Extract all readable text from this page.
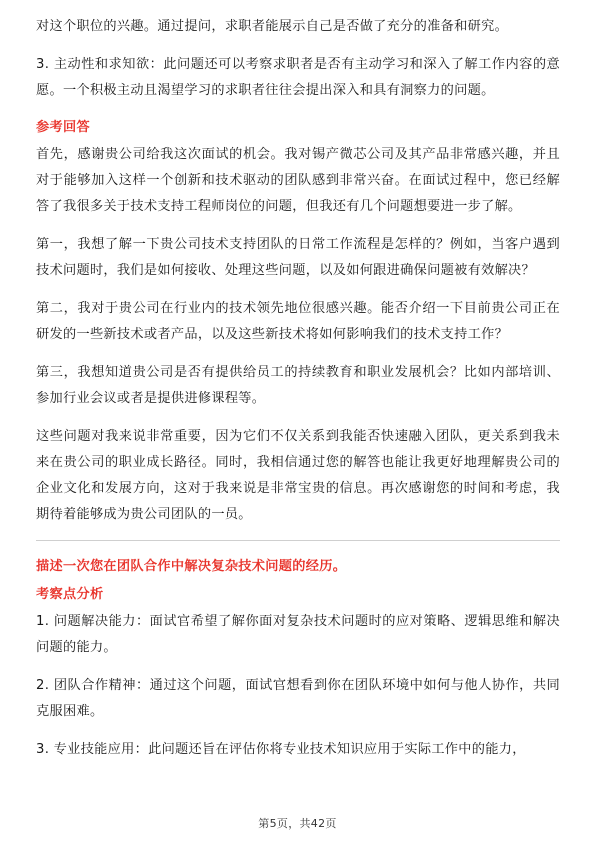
对这个职位的兴趣。通过提问，求职者能展示自己是否做了充分的准备和研究。

3. 主动性和求知欲：此问题还可以考察求职者是否有主动学习和深入了解工作内容的意愿。一个积极主动且渴望学习的求职者往往会提出深入和具有洞察力的问题。

参考回答

首先，感谢贵公司给我这次面试的机会。我对锡产微芯公司及其产品非常感兴趣，并且对于能够加入这样一个创新和技术驱动的团队感到非常兴奋。在面试过程中，您已经解答了我很多关于技术支持工程师岗位的问题，但我还有几个问题想要进一步了解。

第一，我想了解一下贵公司技术支持团队的日常工作流程是怎样的？例如，当客户遇到技术问题时，我们是如何接收、处理这些问题，以及如何跟进确保问题被有效解决？

第二，我对于贵公司在行业内的技术领先地位很感兴趣。能否介绍一下目前贵公司正在研发的一些新技术或者产品，以及这些新技术将如何影响我们的技术支持工作？

第三，我想知道贵公司是否有提供给员工的持续教育和职业发展机会？比如内部培训、参加行业会议或者是提供进修课程等。

这些问题对我来说非常重要，因为它们不仅关系到我能否快速融入团队，更关系到我未来在贵公司的职业成长路径。同时，我相信通过您的解答也能让我更好地理解贵公司的企业文化和发展方向，这对于我来说是非常宝贵的信息。再次感谢您的时间和考虑，我期待着能够成为贵公司团队的一员。

描述一次您在团队合作中解决复杂技术问题的经历。
考察点分析

1. 问题解决能力：面试官希望了解你面对复杂技术问题时的应对策略、逻辑思维和解决问题的能力。

2. 团队合作精神：通过这个问题，面试官想看到你在团队环境中如何与他人协作，共同克服困难。

3. 专业技能应用：此问题还旨在评估你将专业技术知识应用于实际工作中的能力，

第5页，共42页
